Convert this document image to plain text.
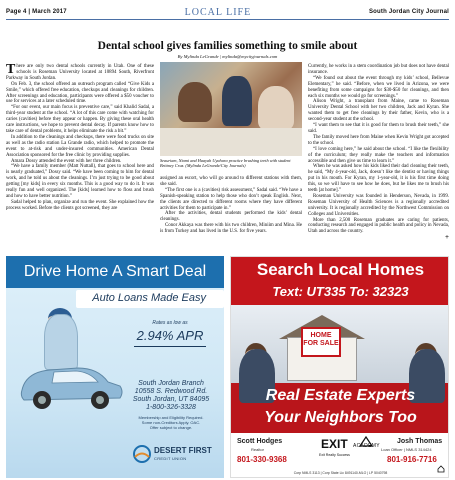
Page 4 | March 2017	LOCAL LIFE	South Jordan City Journal
Dental school gives families something to smile about
By Mylinda LeGrande | mylinda@mycityjournals.com

There are only two dental schools currently in Utah. One of these schools is Roseman University located at 10894 South, Riverfront Parkway in South Jordan.

On Feb. 3, the school offered an outreach program called “Give Kids a Smile,” which offered free education, checkups and cleanings for children. After screenings and education, participants were offered a $50 voucher to use for services at a later scheduled time.

“For our event, our main focus is preventive care,” said Khalid Sadal, a third-year student at the school. “A lot of this care come with watching for caries (cavities) before they appear or happen. By giving these oral health care instructions, we hope to prevent dental decay. If parents know how to take care of dental problems, it helps eliminate the risk a bit.”

In addition to the cleanings and checkups, there were food trucks on site as well as the radio station La Grande radio, which helped to promote the event to at-risk and under-insured communities. American Dental Association sponsored for the free clinic by providing supplies.

Amara Dossy attended the event with her three children.

“We have a family member (Matt Nuttall), that goes to school here and is nearly graduated,” Dossy said. “We have been coming to him for dental work, and he told us about the cleanings. I’m just trying to be good about getting [my kids] in every six months. This is a good way to do it. It was really fun and well organized. The [kids] learned how to floss and brush and how to have better nutrition.”

Sadal helped to plan, organize and run the event. She explained how the process worked. Before the clients got screened, they are

Seauriam, Niami and Haayah Uyahara practice brushing teeth with student Brittney Cruz. (Mylinda LeGrande/City Journals)

assigned an escort, who will go around to different stations with them, she said.

“The first one is a (cavities) risk assessment,” Sadal said. “We have a Spanish-speaking station to help those who don’t speak English. Next, the clients are directed to different rooms where they have different activities for them to participate in.”

After the activities, dental students performed the kids’ dental cleanings.

Conor Akkaya was there with his two children, Miniim and Mina. He is from Turkey and has lived in the U.S. for five years.

Currently, he works in a stem coordination job but does not have dental insurance.

“We found out about the event through my kids’ school, Bellevue Elementary,” he said. “Before, when we lived in Arizona, we were benefiting from some campaigns for $30-$50 for cleanings, and then each six months we would go for screenings.”

Alison Wright, a transplant from Maine, came to Roseman University Dental School with her two children, Jack and Kyran. She wanted them to get free cleanings by their father, Kevin, who is a second-year student at the school.

“I want them to see that it is good for them to brush their teeth,” she said.

The family moved here from Maine when Kevin Wright got accepted to the school.

“I love coming here,” he said about the school. “I like the flexibility of the curriculum; they really make the teachers and information accessible and then give us time to learn it.”

When he was asked how his kids liked their dad cleaning their teeth, he said, “My 4-year-old, Jack, doesn’t like the dentist or having things put in his mouth. For Kyran, my 1-year-old, it is his first time doing this, so we will have to see how he does, but he likes me to brush his teeth [at home].”

Roseman University was founded in Henderson, Nevada, in 1999. Roseman University of Health Sciences is a regionally accredited university. It is regionally accredited by the Northwest Commission on Colleges and Universities.

More than 2,500 Roseman graduates are caring for patients, conducting research and engaged in public health and policy in Nevada, Utah and across the country.

+
Drive Home A Smart Deal
Auto Loans Made Easy
Rates as low as
2.94% APR
South Jordan Branch
10558 S. Redwood Rd.
South Jordan, UT 84095
1-800-326-3328
Membership and Eligibility Required.
Some non-Creditors Apply. OAC.
Offer subject to change.
DESERT FIRST
CREDIT UNION
Search Local Homes
Text: UT335 To: 32323
HOME FOR SALE
Real Estate Experts
Your Neighbors Too
Scott Hodges
Realtor
801-330-9368
EXIT
Exit Realty Success
ACADEMY
Josh Thomas
Loan Officer | NMLS 314424
801-916-7716
Corp NMLS 3113 | Corp State Lic 8491140-MLO | LP 5040798
